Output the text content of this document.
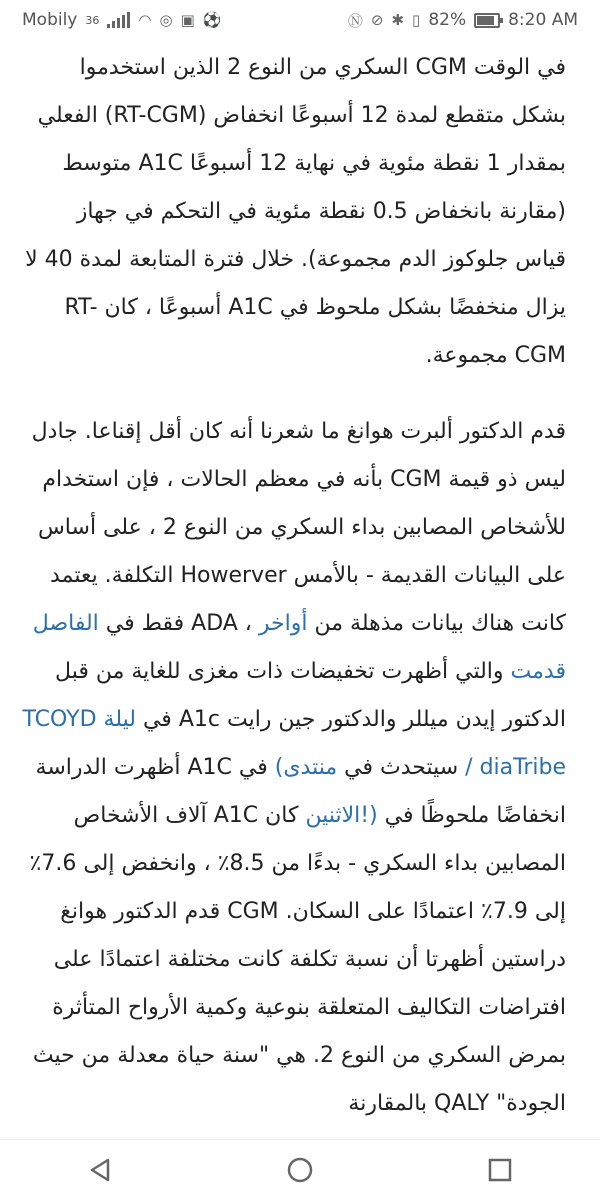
Mobily 36	◠ ◎ ▣ ⚽	Ⓝ ⊘ ✱ ▯ 82% 8:20 AM

في الوقت CGM السكري من النوع 2 الذين استخدموا بشكل متقطع لمدة 12 أسبوعًا انخفاض (RT-CGM) الفعلي بمقدار 1 نقطة مئوية في نهاية 12 أسبوعًا A1C متوسط (مقارنة بانخفاض 0.5 نقطة مئوية في التحكم في جهاز قياس جلوكوز الدم مجموعة). خلال فترة المتابعة لمدة 40 لا يزال منخفضًا بشكل ملحوظ في A1C أسبوعًا ، كان RT-CGM مجموعة.

قدم الدكتور ألبرت هوانغ ما شعرنا أنه كان أقل إقناعا. جادل ليس ذو قيمة CGM بأنه في معظم الحالات ، فإن استخدام للأشخاص المصابين بداء السكري من النوع 2 ، على أساس على البيانات القديمة - بالأمس Howerver التكلفة. يعتمد كانت هناك بيانات مذهلة من أواخر ، ADA فقط في الفاصل قدمت والتي أظهرت تخفيضات ذات مغزى للغاية من قبل الدكتور إيدن ميللر والدكتور جين رايت A1c في ليلة TCOYD / diaTribe سيتحدث في منتدى) في A1C أظهرت الدراسة انخفاضًا ملحوظًا في (!الاثنين كان A1C آلاف الأشخاص المصابين بداء السكري - بدءًا من 8.5٪ ، وانخفض إلى 7.6٪ إلى 7.9٪ اعتمادًا على السكان. CGM قدم الدكتور هوانغ دراستين أظهرتا أن نسبة تكلفة كانت مختلفة اعتمادًا على افتراضات التكاليف المتعلقة بنوعية وكمية الأرواح المتأثرة بمرض السكري من النوع 2. هي "سنة حياة معدلة من حيث الجودة" QALY بالمقارنة
